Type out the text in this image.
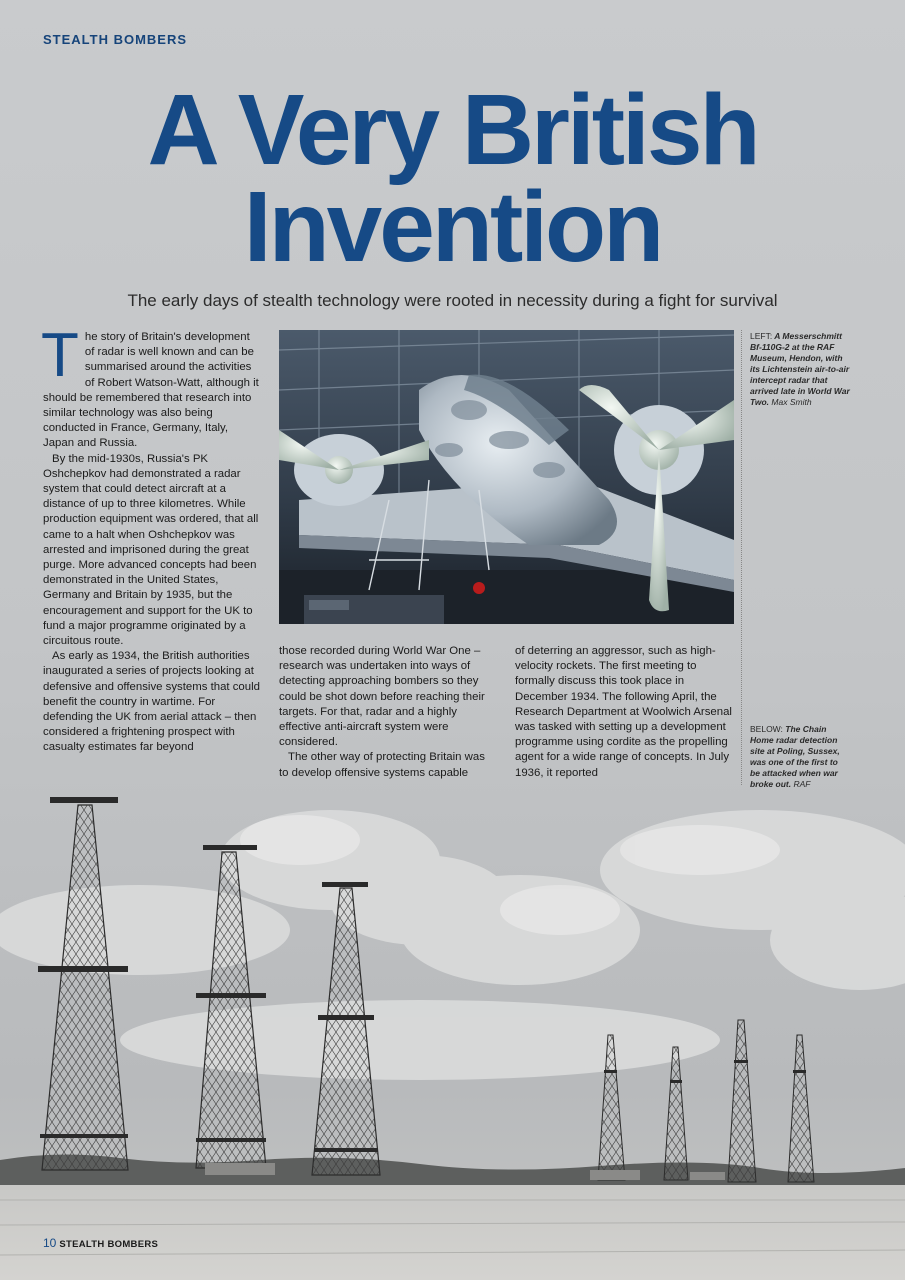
STEALTH BOMBERS
A Very British
Invention
The early days of stealth technology were rooted in necessity during a fight for survival

The story of Britain's development of radar is well known and can be summarised around the activities of Robert Watson-Watt, although it should be remembered that research into similar technology was also being conducted in France, Germany, Italy, Japan and Russia.

By the mid-1930s, Russia's PK Oshchepkov had demonstrated a radar system that could detect aircraft at a distance of up to three kilometres. While production equipment was ordered, that all came to a halt when Oshchepkov was arrested and imprisoned during the great purge. More advanced concepts had been demonstrated in the United States, Germany and Britain by 1935, but the encouragement and support for the UK to fund a major programme originated by a circuitous route.

As early as 1934, the British authorities inaugurated a series of projects looking at defensive and offensive systems that could benefit the country in wartime. For defending the UK from aerial attack – then considered a frightening prospect with casualty estimates far beyond

LEFT: A Messerschmitt Bf-110G-2 at the RAF Museum, Hendon, with its Lichtenstein air-to-air intercept radar that arrived late in World War Two. Max Smith

those recorded during World War One – research was undertaken into ways of detecting approaching bombers so they could be shot down before reaching their targets. For that, radar and a highly effective anti-aircraft system were considered.

The other way of protecting Britain was to develop offensive systems capable

of deterring an aggressor, such as high-velocity rockets. The first meeting to formally discuss this took place in December 1934. The following April, the Research Department at Woolwich Arsenal was tasked with setting up a development programme using cordite as the propelling agent for a wide range of concepts. In July 1936, it reported

BELOW: The Chain Home radar detection site at Poling, Sussex, was one of the first to be attacked when war broke out. RAF
10 STEALTH BOMBERS
